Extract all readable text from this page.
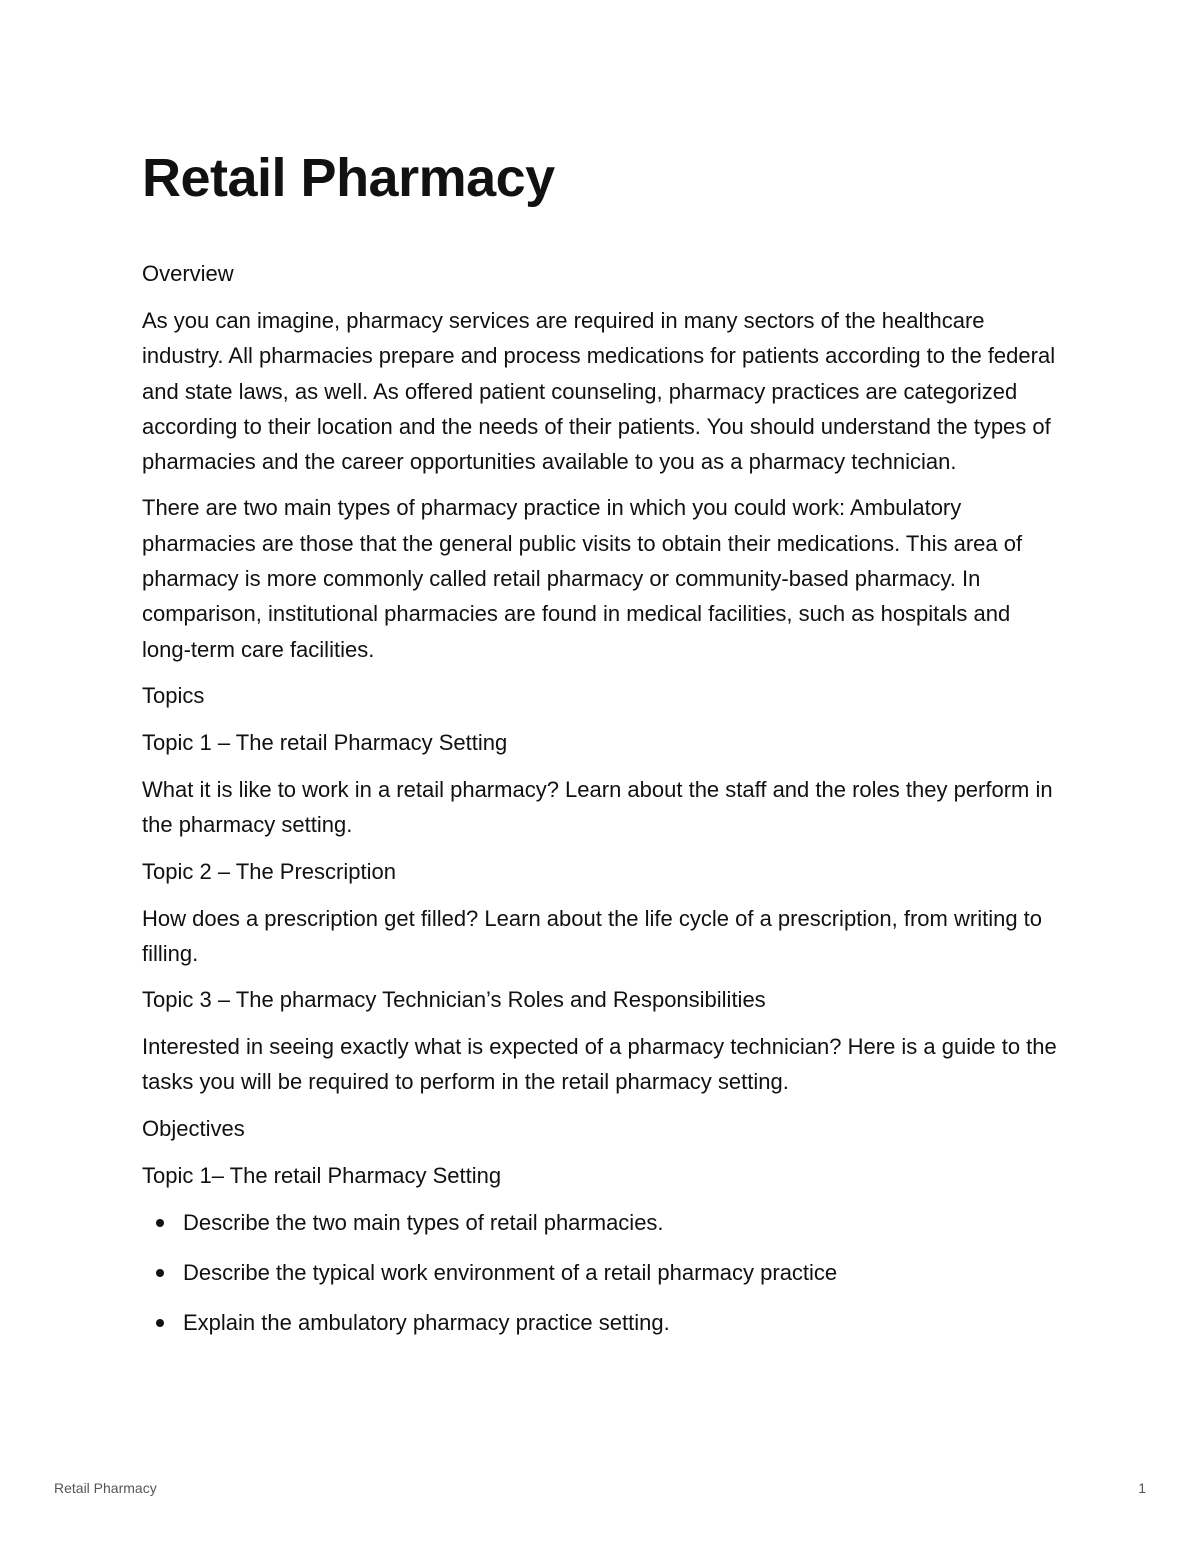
Retail Pharmacy
Overview

As you can imagine, pharmacy services are required in many sectors of the healthcare industry. All pharmacies prepare and process medications for patients according to the federal and state laws, as well. As offered patient counseling, pharmacy practices are categorized according to their location and the needs of their patients. You should understand the types of pharmacies and the career opportunities available to you as a pharmacy technician.

There are two main types of pharmacy practice in which you could work: Ambulatory pharmacies are those that the general public visits to obtain their medications. This area of pharmacy is more commonly called retail pharmacy or community-based pharmacy. In comparison, institutional pharmacies are found in medical facilities, such as hospitals and long-term care facilities.

Topics
Topic 1 – The retail Pharmacy Setting

What it is like to work in a retail pharmacy? Learn about the staff and the roles they perform in the pharmacy setting.

Topic 2 – The Prescription

How does a prescription get filled? Learn about the life cycle of a prescription, from writing to filling.

Topic 3 – The pharmacy Technician’s Roles and Responsibilities

Interested in seeing exactly what is expected of a pharmacy technician? Here is a guide to the tasks you will be required to perform in the retail pharmacy setting.

Objectives
Topic 1– The retail Pharmacy Setting
Describe the two main types of retail pharmacies.
Describe the typical work environment of a retail pharmacy practice
Explain the ambulatory pharmacy practice setting.
Retail Pharmacy	1
